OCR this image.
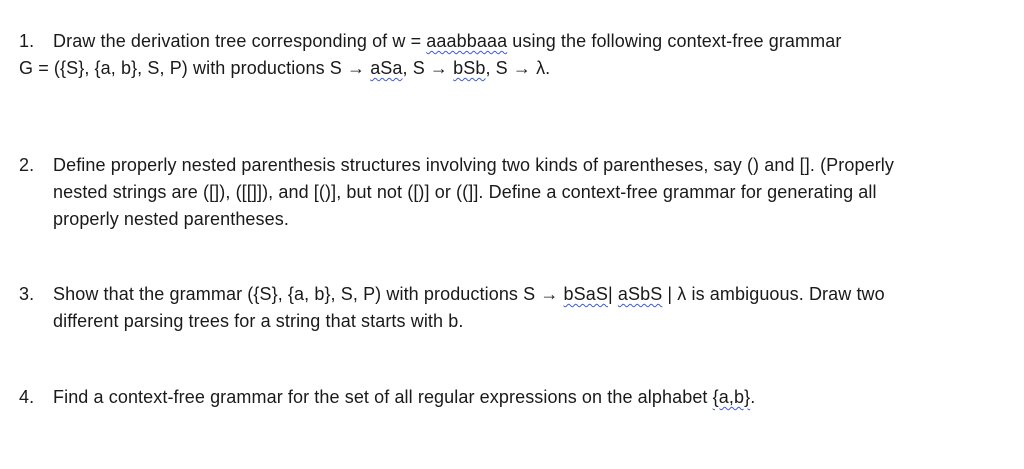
1.	Draw the derivation tree corresponding of w = aaabbaaa using the following context-free grammar
G = ({S}, {a, b}, S, P) with productions S → aSa, S → bSb, S → λ.
2.	Define properly nested parenthesis structures involving two kinds of parentheses, say () and []. (Properly
nested strings are ([]), ([[]]), and [()], but not ([)] or ((]]. Define a context-free grammar for generating all
properly nested parentheses.
3.	Show that the grammar ({S}, {a, b}, S, P) with productions S → bSaS| aSbS | λ is ambiguous. Draw two
different parsing trees for a string that starts with b.
4.	Find a context-free grammar for the set of all regular expressions on the alphabet {a,b}.
